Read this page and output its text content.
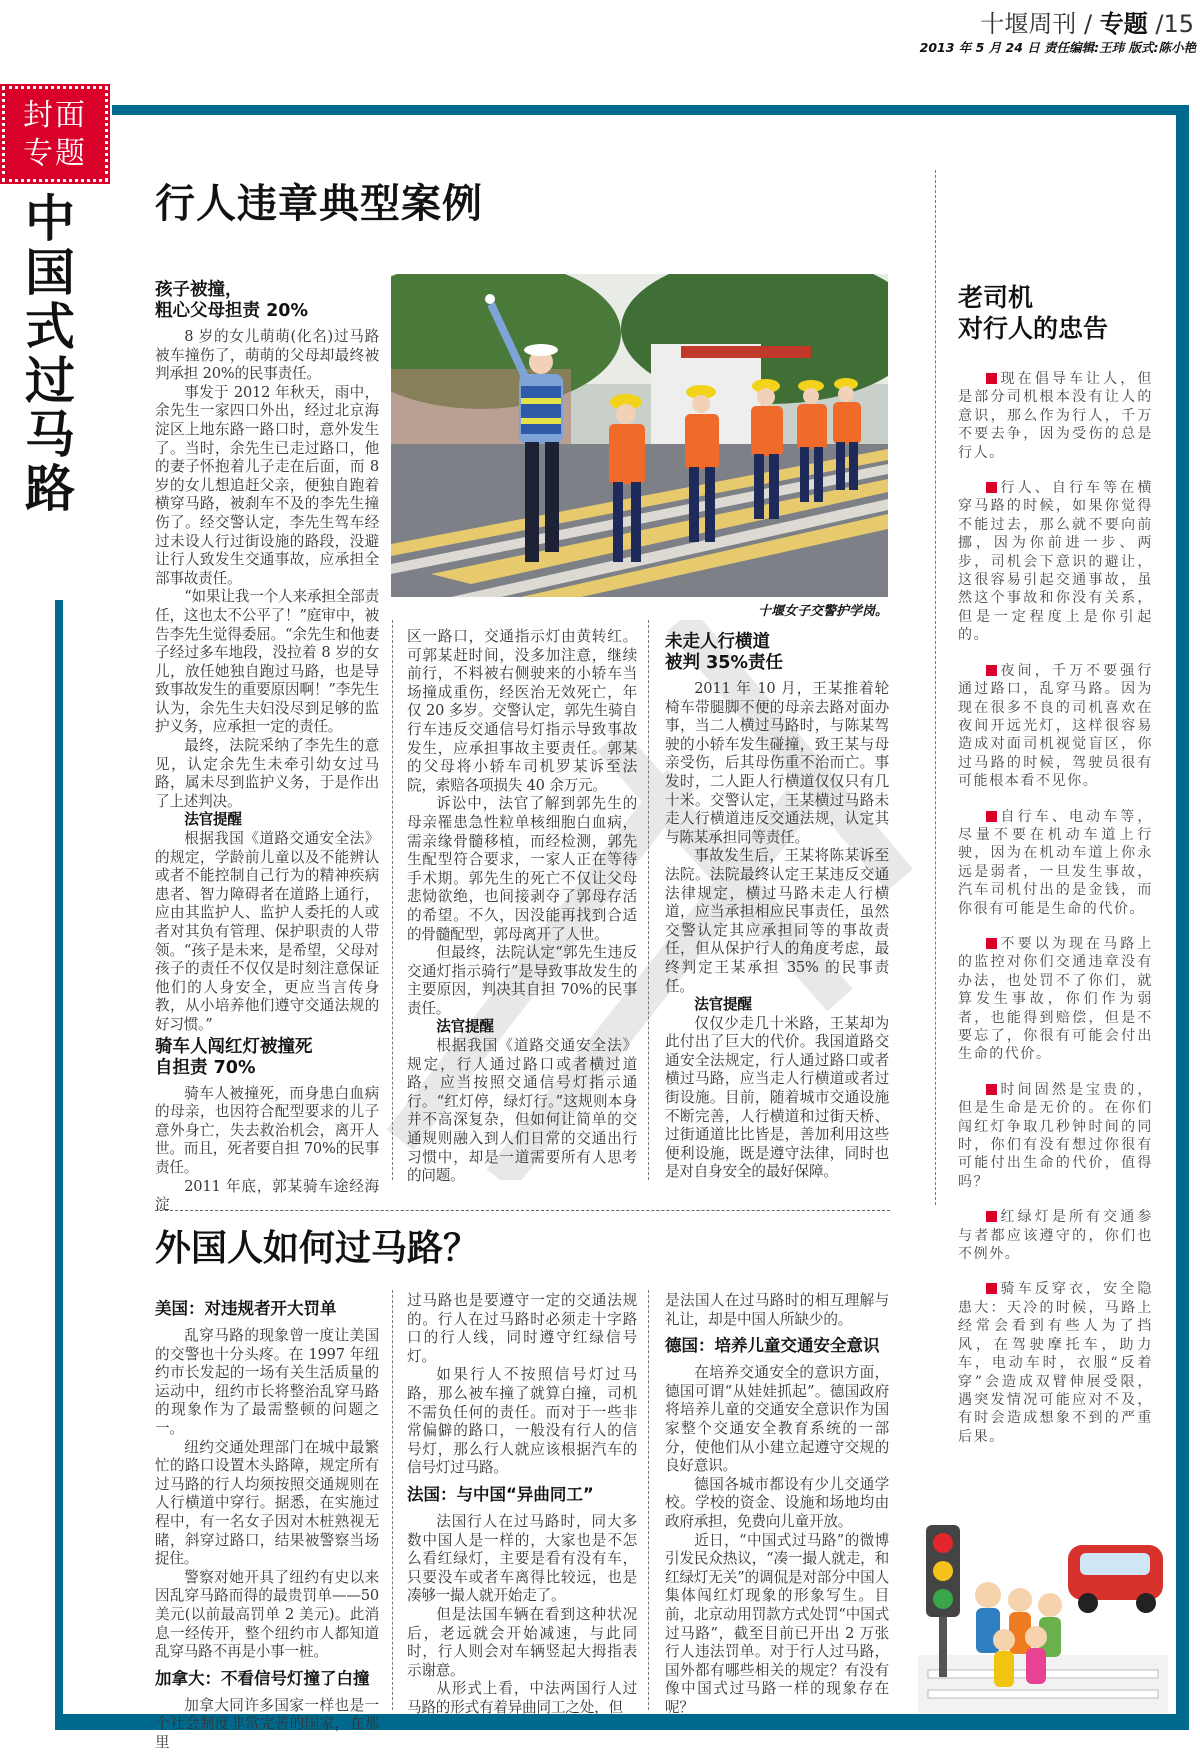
十堰周刊 / 专题 /15
2013 年 5 月 24 日 责任编辑:王玮 版式:陈小艳
封面
专题
中国式过马路
行人违章典型案例
十堰女子交警护学岗。
孩子被撞，
粗心父母担责 20%

8 岁的女儿萌萌(化名)过马路被车撞伤了，萌萌的父母却最终被判承担 20%的民事责任。

事发于 2012 年秋天，雨中，余先生一家四口外出，经过北京海淀区上地东路一路口时，意外发生了。当时，余先生已走过路口，他的妻子怀抱着儿子走在后面，而 8 岁的女儿想追赶父亲，便独自跑着横穿马路，被刹车不及的李先生撞伤了。经交警认定，李先生驾车经过未设人行过街设施的路段，没避让行人致发生交通事故，应承担全部事故责任。

“如果让我一个人来承担全部责任，这也太不公平了！”庭审中，被告李先生觉得委屈。“余先生和他妻子经过多车地段，没拉着 8 岁的女儿，放任她独自跑过马路，也是导致事故发生的重要原因啊！”李先生认为，余先生夫妇没尽到足够的监护义务，应承担一定的责任。

最终，法院采纳了李先生的意见，认定余先生未牵引幼女过马路，属未尽到监护义务，于是作出了上述判决。

法官提醒

根据我国《道路交通安全法》的规定，学龄前儿童以及不能辨认或者不能控制自己行为的精神疾病患者、智力障碍者在道路上通行，应由其监护人、监护人委托的人或者对其负有管理、保护职责的人带领。“孩子是未来，是希望，父母对孩子的责任不仅仅是时刻注意保证他们的人身安全，更应当言传身教，从小培养他们遵守交通法规的好习惯。”

骑车人闯红灯被撞死
自担责 70%

骑车人被撞死，而身患白血病的母亲，也因符合配型要求的儿子意外身亡，失去救治机会，离开人世。而且，死者要自担 70%的民事责任。

2011 年底，郭某骑车途经海淀

区一路口，交通指示灯由黄转红。可郭某赶时间，没多加注意，继续前行，不料被右侧驶来的小轿车当场撞成重伤，经医治无效死亡，年仅 20 多岁。交警认定，郭先生骑自行车违反交通信号灯指示导致事故发生，应承担事故主要责任。郭某的父母将小轿车司机罗某诉至法院，索赔各项损失 40 余万元。

诉讼中，法官了解到郭先生的母亲罹患急性粒单核细胞白血病，需亲缘骨髓移植，而经检测，郭先生配型符合要求，一家人正在等待手术期。郭先生的死亡不仅让父母悲恸欲绝，也间接剥夺了郭母存活的希望。不久，因没能再找到合适的骨髓配型，郭母离开了人世。

但最终，法院认定“郭先生违反交通灯指示骑行”是导致事故发生的主要原因，判决其自担 70%的民事责任。

法官提醒

根据我国《道路交通安全法》规定，行人通过路口或者横过道路，应当按照交通信号灯指示通行。“红灯停，绿灯行。”这规则本身并不高深复杂，但如何让简单的交通规则融入到人们日常的交通出行习惯中，却是一道需要所有人思考的问题。

未走人行横道
被判 35%责任

2011 年 10 月，王某推着轮椅车带腿脚不便的母亲去路对面办事，当二人横过马路时，与陈某驾驶的小轿车发生碰撞，致王某与母亲受伤，后其母伤重不治而亡。事发时，二人距人行横道仅仅只有几十米。交警认定，王某横过马路未走人行横道违反交通法规，认定其与陈某承担同等责任。

事故发生后，王某将陈某诉至法院。法院最终认定王某违反交通法律规定，横过马路未走人行横道，应当承担相应民事责任，虽然交警认定其应承担同等的事故责任，但从保护行人的角度考虑，最终判定王某承担 35% 的民事责任。

法官提醒

仅仅少走几十米路，王某却为此付出了巨大的代价。我国道路交通安全法规定，行人通过路口或者横过马路，应当走人行横道或者过街设施。目前，随着城市交通设施不断完善，人行横道和过街天桥、过街通道比比皆是，善加利用这些便利设施，既是遵守法律，同时也是对自身安全的最好保障。

老司机
对行人的忠告

现在倡导车让人，但是部分司机根本没有让人的意识，那么作为行人，千万不要去争，因为受伤的总是行人。

行人、自行车等在横穿马路的时候，如果你觉得不能过去，那么就不要向前挪，因为你前进一步、两步，司机会下意识的避让，这很容易引起交通事故，虽然这个事故和你没有关系，但是一定程度上是你引起的。

夜间，千万不要强行通过路口，乱穿马路。因为现在很多不良的司机喜欢在夜间开远光灯，这样很容易造成对面司机视觉盲区，你过马路的时候，驾驶员很有可能根本看不见你。

自行车、电动车等，尽量不要在机动车道上行驶，因为在机动车道上你永远是弱者，一旦发生事故，汽车司机付出的是金钱，而你很有可能是生命的代价。

不要以为现在马路上的监控对你们交通违章没有办法，也处罚不了你们，就算发生事故，你们作为弱者，也能得到赔偿，但是不要忘了，你很有可能会付出生命的代价。

时间固然是宝贵的，但是生命是无价的。在你们闯红灯争取几秒钟时间的同时，你们有没有想过你很有可能付出生命的代价，值得吗？

红绿灯是所有交通参与者都应该遵守的，你们也不例外。

骑车反穿衣，安全隐患大：天冷的时候，马路上经常会看到有些人为了挡风，在驾驶摩托车，助力车，电动车时，衣服“反着穿”会造成双臂伸展受限，遇突发情况可能应对不及，有时会造成想象不到的严重后果。

外国人如何过马路？
美国：对违规者开大罚单

乱穿马路的现象曾一度让美国的交警也十分头疼。在 1997 年纽约市长发起的一场有关生活质量的运动中，纽约市长将整治乱穿马路的现象作为了最需整顿的问题之一。

纽约交通处理部门在城中最繁忙的路口设置木头路障，规定所有过马路的行人均须按照交通规则在人行横道中穿行。据悉，在实施过程中，有一名女子因对木桩熟视无睹，斜穿过路口，结果被警察当场捉住。

警察对她开具了纽约有史以来因乱穿马路而得的最贵罚单——50 美元(以前最高罚单 2 美元)。此消息一经传开，整个纽约市人都知道乱穿马路不再是小事一桩。

加拿大：不看信号灯撞了白撞

加拿大同许多国家一样也是一个社会制度非常完善的国家，在那里

过马路也是要遵守一定的交通法规的。行人在过马路时必须走十字路口的行人线，同时遵守红绿信号灯。

如果行人不按照信号灯过马路，那么被车撞了就算白撞，司机不需负任何的责任。而对于一些非常偏僻的路口，一般没有行人的信号灯，那么行人就应该根据汽车的信号灯过马路。

法国：与中国“异曲同工”

法国行人在过马路时，同大多数中国人是一样的，大家也是不怎么看红绿灯，主要是看有没有车，只要没车或者车离得比较远，也是凑够一撮人就开始走了。

但是法国车辆在看到这种状况后，老远就会开始减速，与此同时，行人则会对车辆竖起大拇指表示谢意。

从形式上看，中法两国行人过马路的形式有着异曲同工之处，但

是法国人在过马路时的相互理解与礼让，却是中国人所缺少的。

德国：培养儿童交通安全意识

在培养交通安全的意识方面，德国可谓“从娃娃抓起”。德国政府将培养儿童的交通安全意识作为国家整个交通安全教育系统的一部分，使他们从小建立起遵守交规的良好意识。

德国各城市都设有少儿交通学校。学校的资金、设施和场地均由政府承担，免费向儿童开放。

近日，“中国式过马路”的微博引发民众热议，“凑一撮人就走，和红绿灯无关”的调侃是对部分中国人集体闯红灯现象的形象写生。目前，北京动用罚款方式处罚“中国式过马路”，截至目前已开出 2 万张行人违法罚单。对于行人过马路，国外都有哪些相关的规定？有没有像中国式过马路一样的现象存在呢？
